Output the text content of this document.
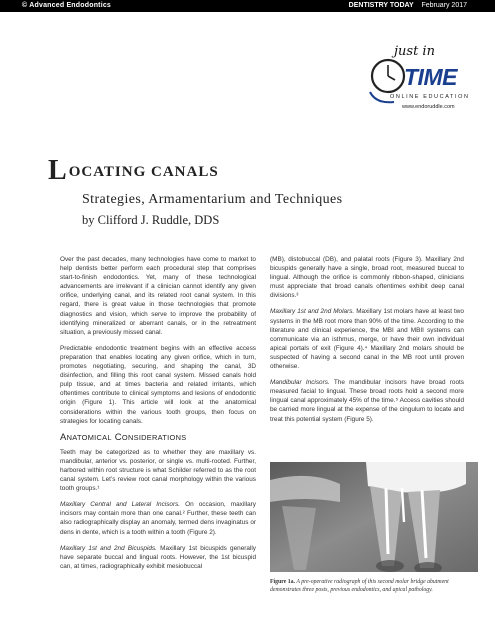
© Advanced Endodontics	DENTISTRY TODAY February 2017
just in
TIME
ONLINE EDUCATION
www.endoruddle.com
LOCATING CANALS
Strategies, Armamentarium and Techniques
by Clifford J. Ruddle, DDS

Over the past decades, many technologies have come to market to help dentists better perform each procedural step that comprises start-to-finish endodontics. Yet, many of these technological advancements are irrelevant if a clinician cannot identify any given orifice, underlying canal, and its related root canal system. In this regard, there is great value in those technologies that promote diagnostics and vision, which serve to improve the probability of identifying mineralized or aberrant canals, or in the retreatment situation, a previously missed canal.

Predictable endodontic treatment begins with an effective access preparation that enables locating any given orifice, which in turn, promotes negotiating, securing, and shaping the canal, 3D disinfection, and filling this root canal system. Missed canals hold pulp tissue, and at times bacteria and related irritants, which oftentimes contribute to clinical symptoms and lesions of endodontic origin (Figure 1). This article will look at the anatomical considerations within the various tooth groups, then focus on strategies for locating canals.

ANATOMICAL CONSIDERATIONS

Teeth may be categorized as to whether they are maxillary vs. mandibular, anterior vs. posterior, or single vs. multi-rooted. Further, harbored within root structure is what Schilder referred to as the root canal system. Let’s review root canal morphology within the various tooth groups.¹

Maxillary Central and Lateral Incisors. On occasion, maxillary incisors may contain more than one canal.² Further, these teeth can also radiographically display an anomaly, termed dens invaginatus or dens in dente, which is a tooth within a tooth (Figure 2).

Maxillary 1st and 2nd Bicuspids. Maxillary 1st bicuspids generally have separate buccal and lingual roots. However, the 1st bicuspid can, at times, radiographically exhibit mesiobuccal

(MB), distobuccal (DB), and palatal roots (Figure 3). Maxillary 2nd bicuspids generally have a single, broad root, measured buccal to lingual. Although the orifice is commonly ribbon-shaped, clinicians must appreciate that broad canals oftentimes exhibit deep canal divisions.³

Maxillary 1st and 2nd Molars. Maxillary 1st molars have at least two systems in the MB root more than 90% of the time. According to the literature and clinical experience, the MBI and MBII systems can communicate via an isthmus, merge, or have their own individual apical portals of exit (Figure 4).⁴ Maxillary 2nd molars should be suspected of having a second canal in the MB root until proven otherwise.

Mandibular Incisors. The mandibular incisors have broad roots measured facial to lingual. These broad roots hold a second more lingual canal approximately 45% of the time.⁵ Access cavities should be carried more lingual at the expense of the cingulum to locate and treat this potential system (Figure 5).

Figure 1a. A pre-operative radiograph of this second molar bridge abutment demonstrates three posts, previous endodontics, and apical pathology.
